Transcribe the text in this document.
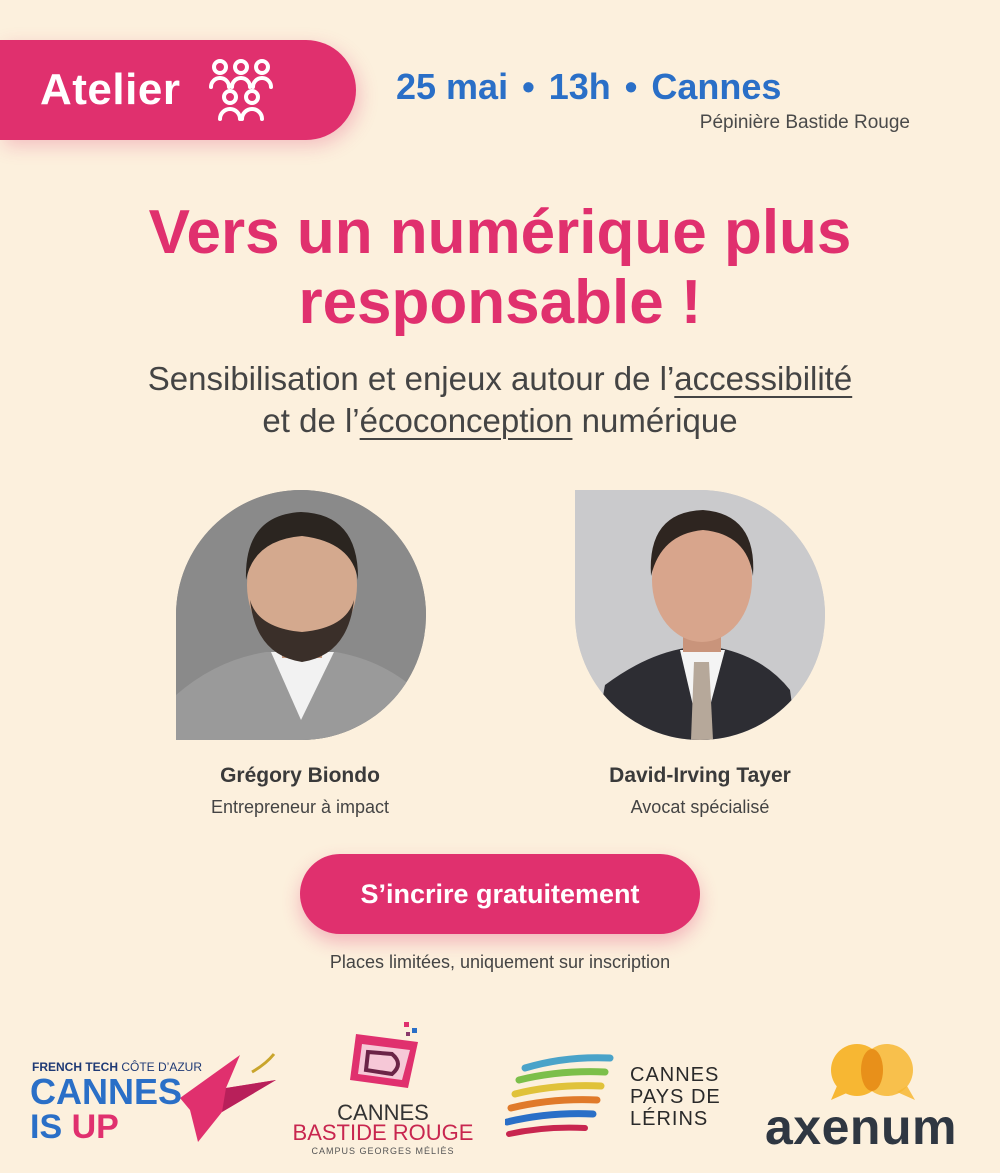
Atelier	25 mai • 13h • Cannes
Pépinière Bastide Rouge
Vers un numérique plus
responsable !
Sensibilisation et enjeux autour de l’accessibilité
et de l’écoconception numérique
Grégory Biondo
Entrepreneur à impact
David-Irving Tayer
Avocat spécialisé
S’incrire gratuitement
Places limitées, uniquement sur inscription
FRENCH TECH CÔTE D’AZUR
CANNES
IS UP	CANNES
BASTIDE ROUGE
CAMPUS GEORGES MÉLIÈS
CANNES
PAYS DE
LÉRINS axenum
